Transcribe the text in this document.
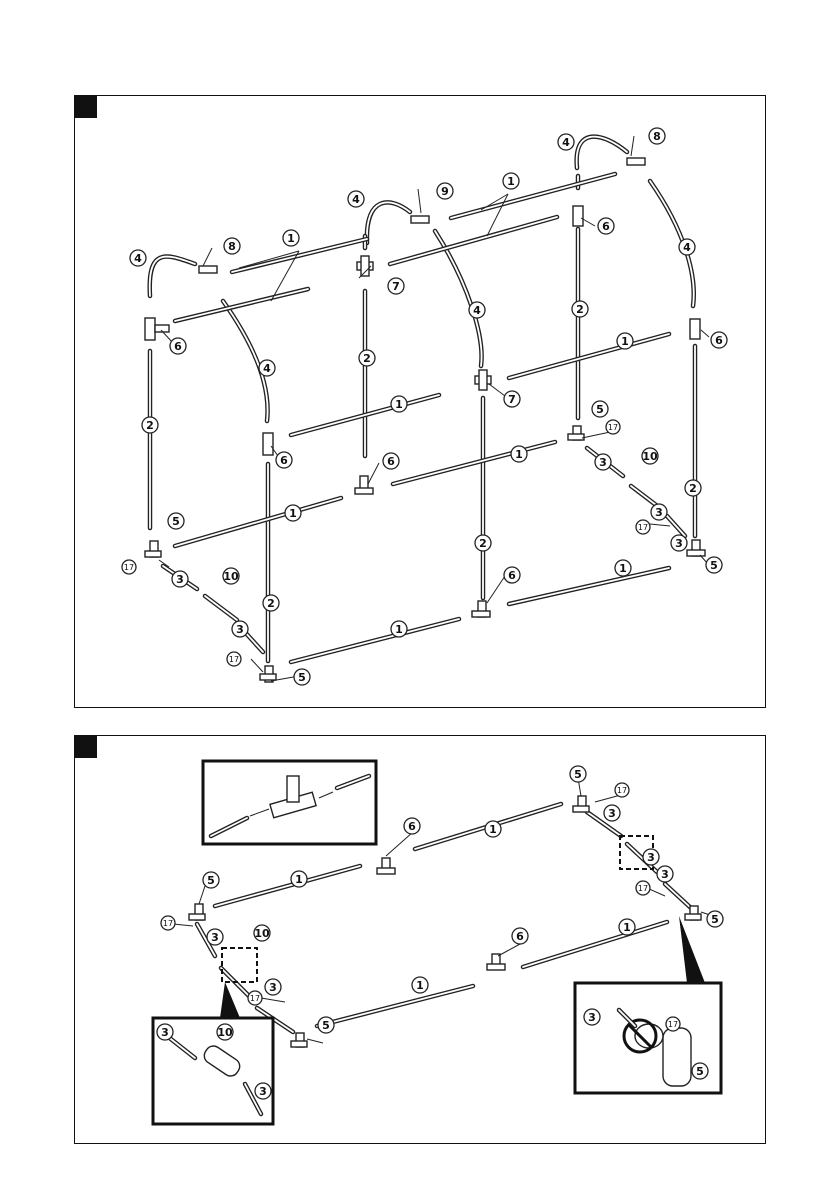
1
1
1
1
1
1
1
1
2
2
2
2
2
2
4
4
4
4
4
4
8
8
9
7
7
6
6
6
6
6
6
5
5
5
5
17
17
17
17
3
3
3
3
3
10
10
3	10
3
3
17
5
1
1
1
1
6
6
5
5
5
5
17
17
17
17
3
3
3
3
3
10
